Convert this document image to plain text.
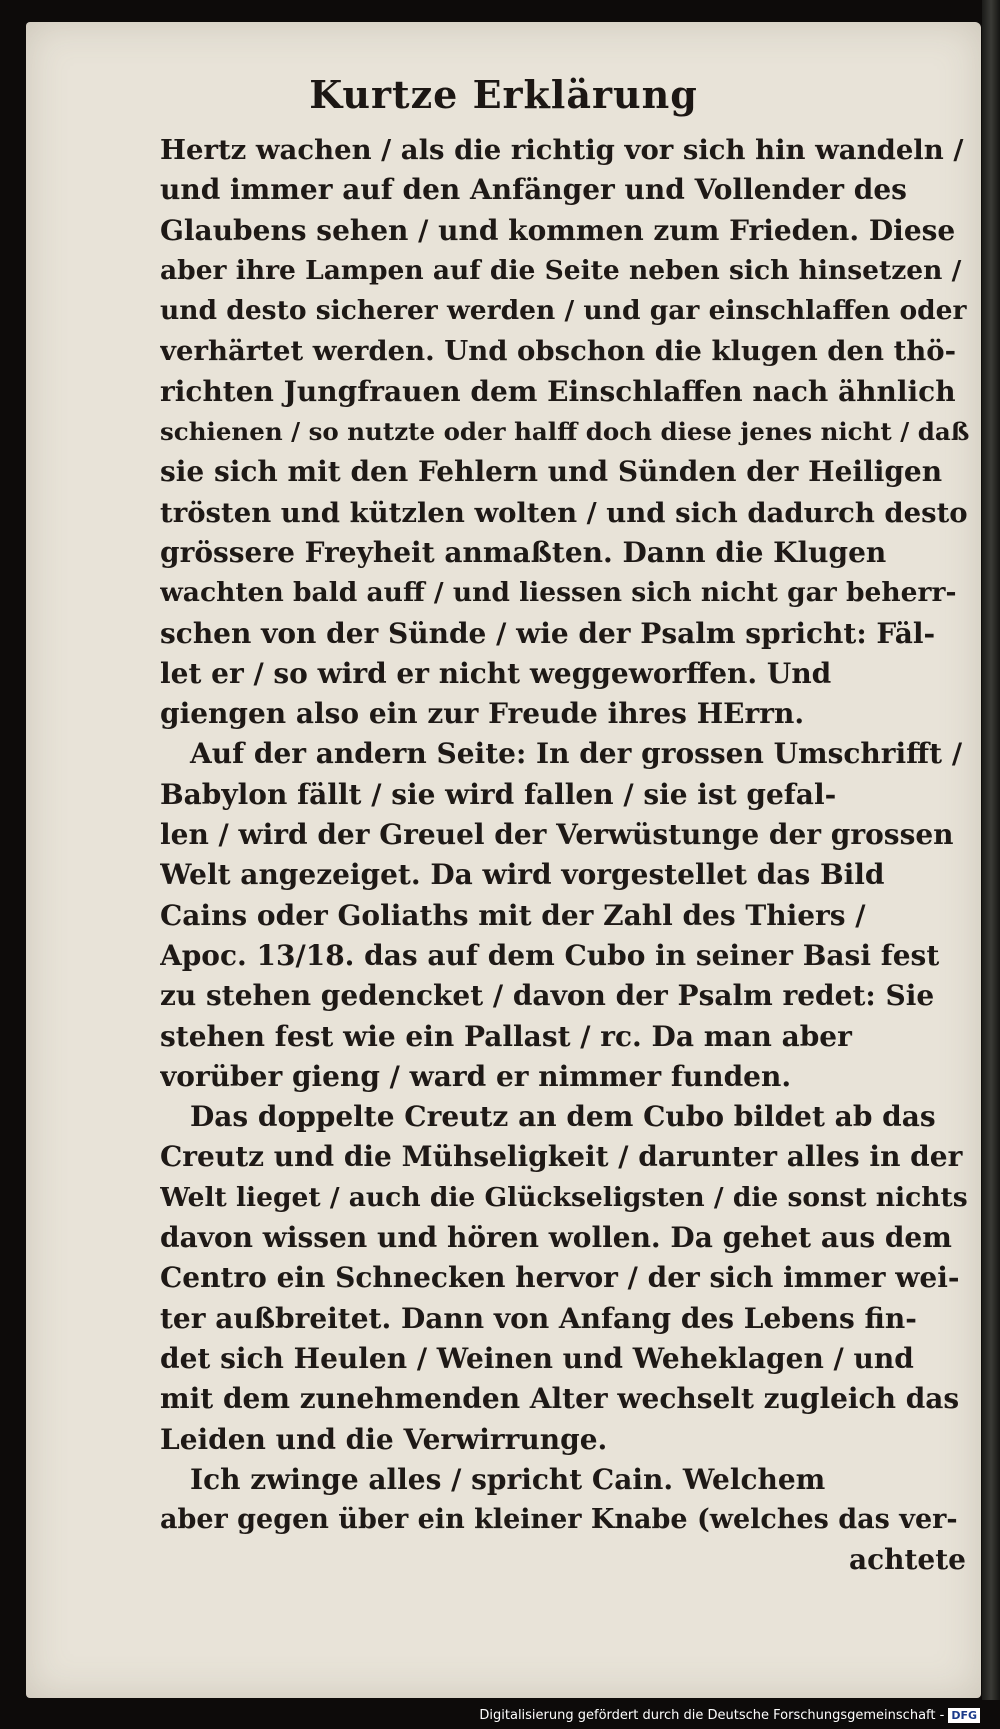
Kurtze Erklärung
Hertz wachen / als die richtig vor sich hin wandeln /
und immer auf den Anfänger und Vollender des
Glaubens sehen / und kommen zum Frieden. Diese
aber ihre Lampen auf die Seite neben sich hinsetzen /
und desto sicherer werden / und gar einschlaffen oder
verhärtet werden. Und obschon die klugen den thö-
richten Jungfrauen dem Einschlaffen nach ähnlich
schienen / so nutzte oder halff doch diese jenes nicht / daß
sie sich mit den Fehlern und Sünden der Heiligen
trösten und kützlen wolten / und sich dadurch desto
grössere Freyheit anmaßten. Dann die Klugen
wachten bald auff / und liessen sich nicht gar beherr-
schen von der Sünde / wie der Psalm spricht: Fäl-
let er / so wird er nicht weggeworffen. Und
giengen also ein zur Freude ihres HErrn.
Auf der andern Seite: In der grossen Umschrifft /
Babylon fällt / sie wird fallen / sie ist gefal-
len / wird der Greuel der Verwüstunge der grossen
Welt angezeiget. Da wird vorgestellet das Bild
Cains oder Goliaths mit der Zahl des Thiers /
Apoc. 13/18. das auf dem Cubo in seiner Basi fest
zu stehen gedencket / davon der Psalm redet: Sie
stehen fest wie ein Pallast / rc. Da man aber
vorüber gieng / ward er nimmer funden.
Das doppelte Creutz an dem Cubo bildet ab das
Creutz und die Mühseligkeit / darunter alles in der
Welt lieget / auch die Glückseligsten / die sonst nichts
davon wissen und hören wollen. Da gehet aus dem
Centro ein Schnecken hervor / der sich immer wei-
ter außbreitet. Dann von Anfang des Lebens fin-
det sich Heulen / Weinen und Weheklagen / und
mit dem zunehmenden Alter wechselt zugleich das
Leiden und die Verwirrunge.
Ich zwinge alles / spricht Cain. Welchem
aber gegen über ein kleiner Knabe (welches das ver-
achtete
Digitalisierung gefördert durch die Deutsche Forschungsgemeinschaft - DFG
